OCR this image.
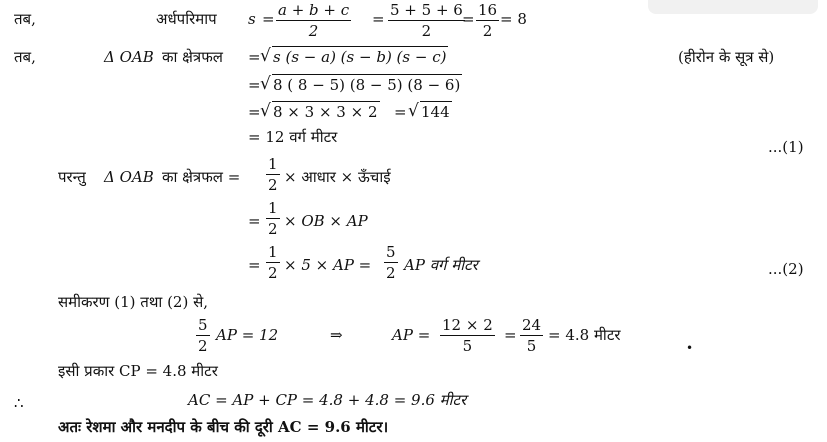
तब,	अर्धपरिमाप $s = \frac{a + b + c}{2} = \frac{5 + 5 + 6}{2}$
= $\frac{16}{2} = 8$
तब,	Δ OAB का क्षेत्रफल = √ s (s − a) (s − b) (s − c)	(हीरोन के सूत्र से)
= √ 8 ( 8 − 5) (8 − 5) (8 − 6)
= √ 8 × 3 × 3 × 2 = √ 144
= 12 वर्ग मीटर
...(1)
परन्तु Δ OAB का क्षेत्रफल = $\frac{1}{2}$ × आधार × ऊँचाई
= $\frac{1}{2}$ × OB × AP
= $\frac{1}{2} \times 5$ × AP = $\frac{5}{2}$ AP वर्ग मीटर	...(2)
समीकरण (1) तथा (2) से,
$\frac{5}{2}$ AP = 12	⇒	AP = $\frac{12 \times 2}{5} = \frac{24}{5} = 4.8$ मीटर
•
इसी प्रकार CP = 4.8 मीटर
∴	AC = AP + CP = 4.8 + 4.8 = 9.6 मीटर
अतः रेशमा और मनदीप के बीच की दूरी AC = 9.6 मीटर।
